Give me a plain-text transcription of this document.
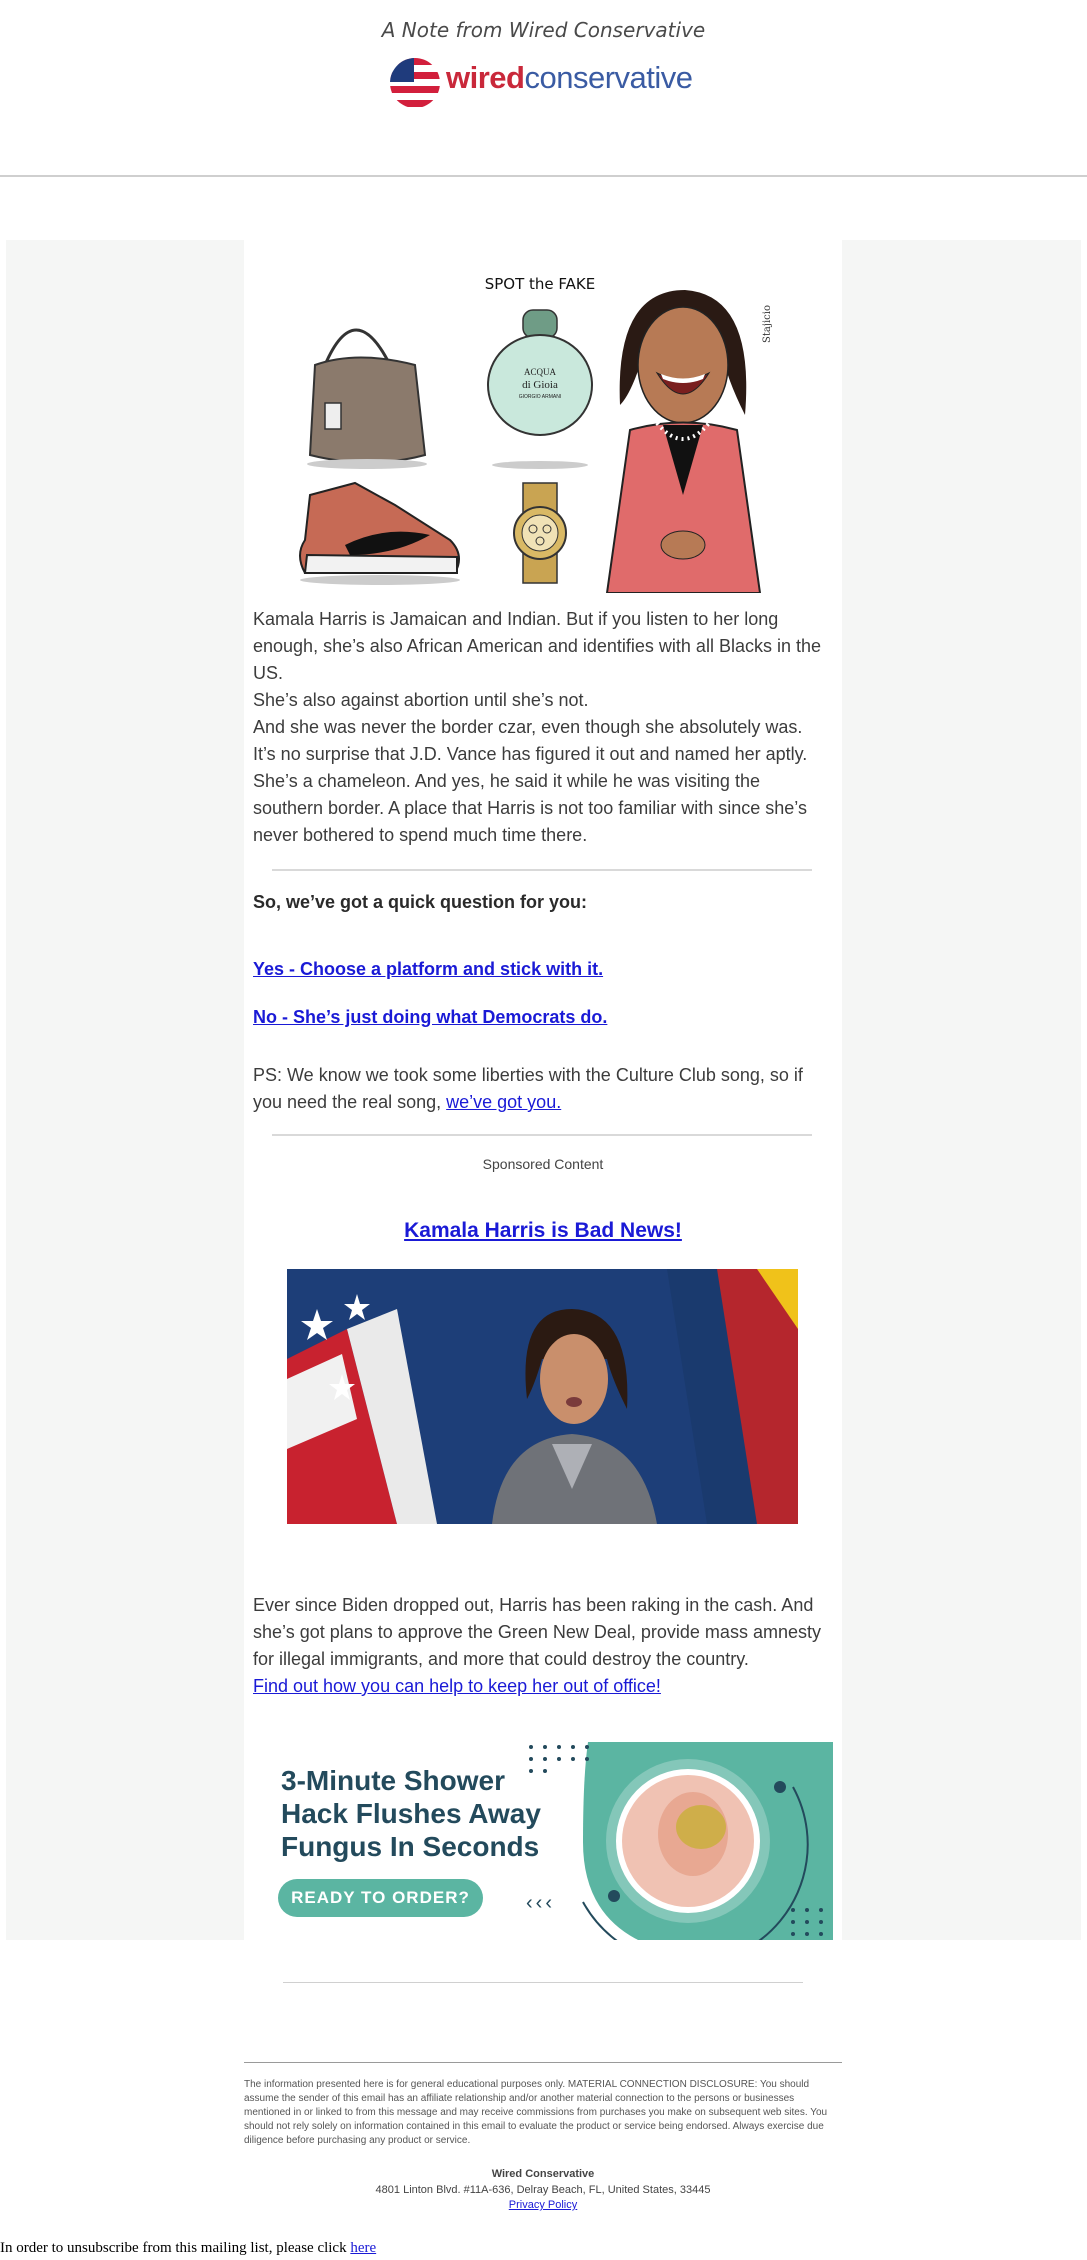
A Note from Wired Conservative
wiredconservative
SPOT the FAKE
ACQUA
di Gioia
GIORGIO ARMANI
Stajicio

Kamala Harris is Jamaican and Indian. But if you listen to her long enough, she’s also African American and identifies with all Blacks in the US.

She’s also against abortion until she’s not.

And she was never the border czar, even though she absolutely was.

It’s no surprise that J.D. Vance has figured it out and named her aptly. She’s a chameleon. And yes, he said it while he was visiting the southern border. A place that Harris is not too familiar with since she’s never bothered to spend much time there.

So, we’ve got a quick question for you:
Yes - Choose a platform and stick with it.
No - She’s just doing what Democrats do.
PS: We know we took some liberties with the Culture Club song, so if you need the real song, we’ve got you.
Sponsored Content
Kamala Harris is Bad News!

Ever since Biden dropped out, Harris has been raking in the cash. And she’s got plans to approve the Green New Deal, provide mass amnesty for illegal immigrants, and more that could destroy the country.

Find out how you can help to keep her out of office!

3-Minute Shower
Hack Flushes Away
Fungus In Seconds
READY TO ORDER?	‹‹‹
The information presented here is for general educational purposes only. MATERIAL CONNECTION DISCLOSURE: You should assume the sender of this email has an affiliate relationship and/or another material connection to the persons or businesses mentioned in or linked to from this message and may receive commissions from purchases you make on subsequent web sites. You should not rely solely on information contained in this email to evaluate the product or service being endorsed. Always exercise due diligence before purchasing any product or service.
Wired Conservative
4801 Linton Blvd. #11A-636, Delray Beach, FL, United States, 33445
Privacy Policy
In order to unsubscribe from this mailing list, please click here
